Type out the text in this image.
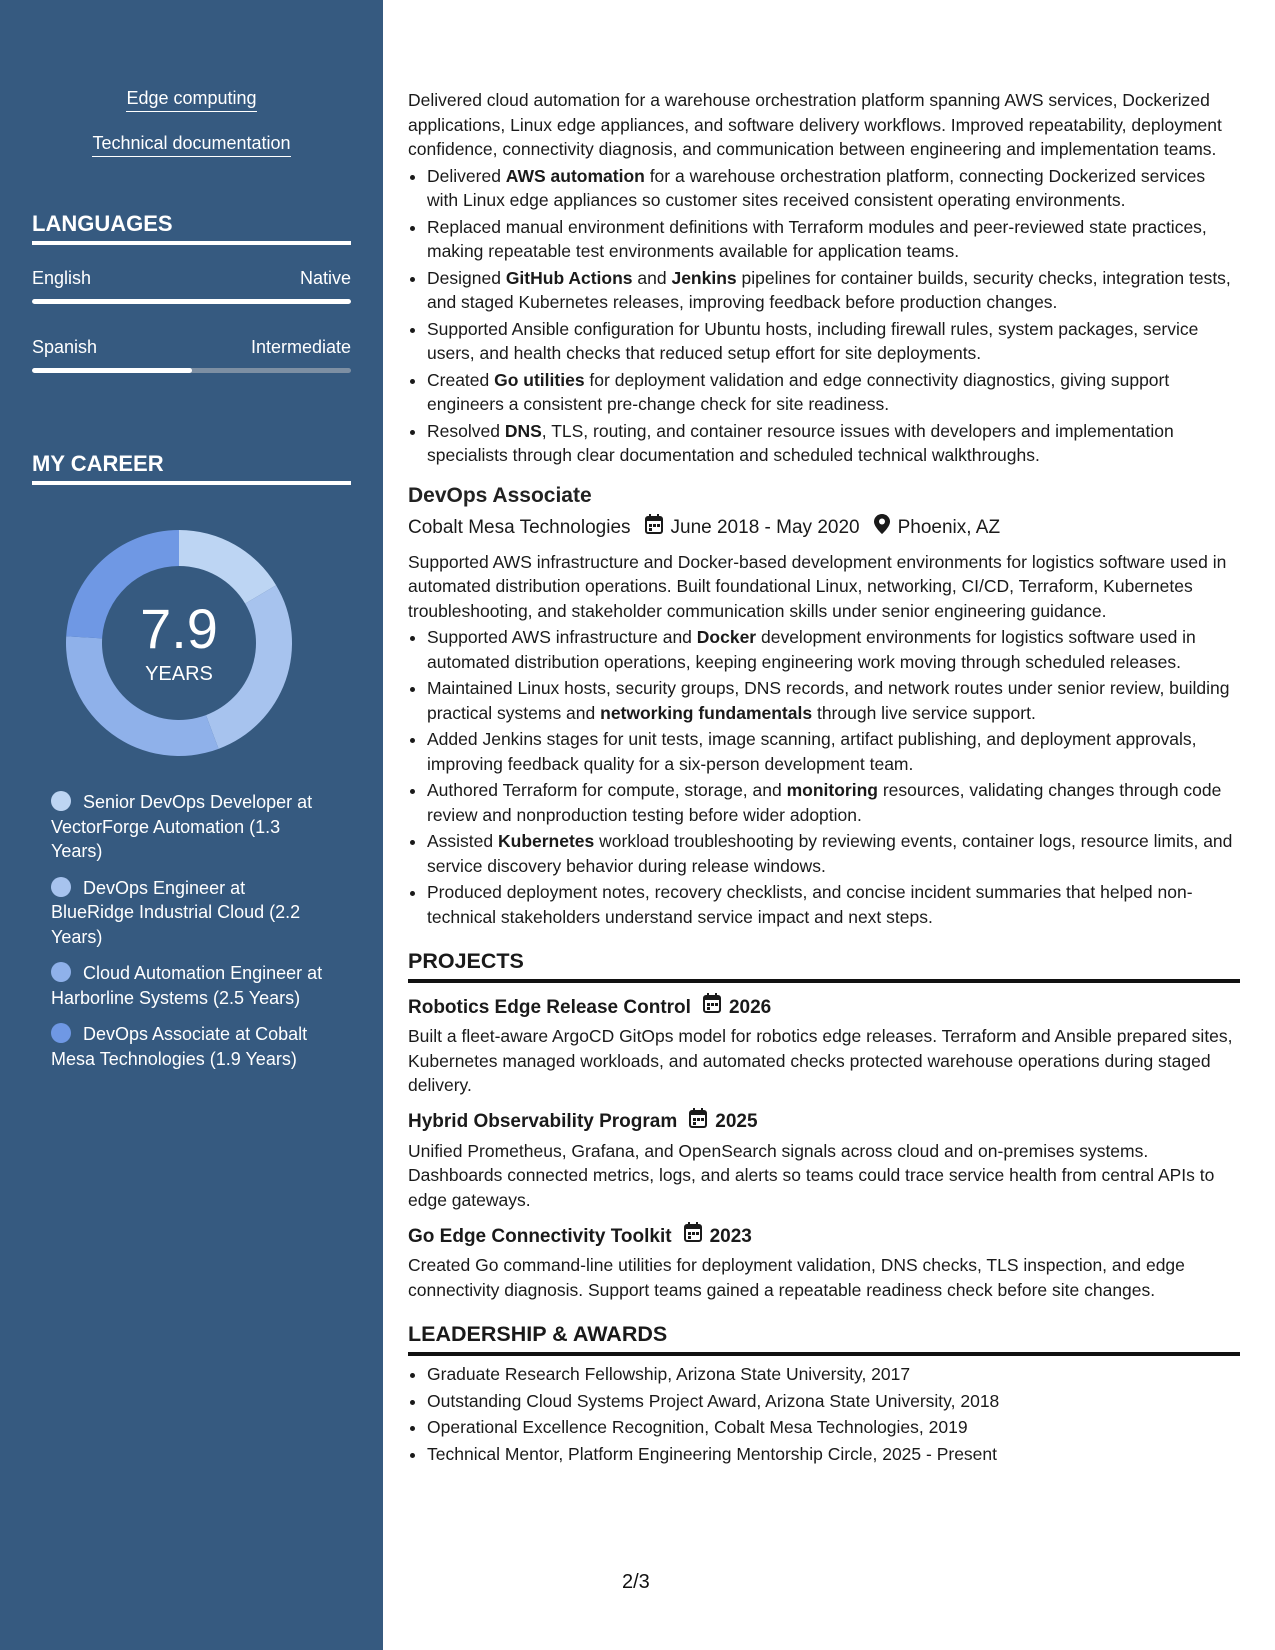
Edge computing
Technical documentation
LANGUAGES
English	Native
Spanish	Intermediate
MY CAREER
7.9
YEARS
Senior DevOps Developer at VectorForge Automation (1.3 Years)
DevOps Engineer at BlueRidge Industrial Cloud (2.2 Years)
Cloud Automation Engineer at Harborline Systems (2.5 Years)
DevOps Associate at Cobalt Mesa Technologies (1.9 Years)

Delivered cloud automation for a warehouse orchestration platform spanning AWS services, Dockerized applications, Linux edge appliances, and software delivery workflows. Improved repeatability, deployment confidence, connectivity diagnosis, and communication between engineering and implementation teams.

• Delivered AWS automation for a warehouse orchestration platform, connecting Dockerized services with Linux edge appliances so customer sites received consistent operating environments.
• Replaced manual environment definitions with Terraform modules and peer-reviewed state practices, making repeatable test environments available for application teams.
• Designed GitHub Actions and Jenkins pipelines for container builds, security checks, integration tests, and staged Kubernetes releases, improving feedback before production changes.
• Supported Ansible configuration for Ubuntu hosts, including firewall rules, system packages, service users, and health checks that reduced setup effort for site deployments.
• Created Go utilities for deployment validation and edge connectivity diagnostics, giving support engineers a consistent pre-change check for site readiness.
• Resolved DNS, TLS, routing, and container resource issues with developers and implementation specialists through clear documentation and scheduled technical walkthroughs.
DevOps Associate
Cobalt Mesa Technologies June 2018 - May 2020 Phoenix, AZ

Supported AWS infrastructure and Docker-based development environments for logistics software used in automated distribution operations. Built foundational Linux, networking, CI/CD, Terraform, Kubernetes troubleshooting, and stakeholder communication skills under senior engineering guidance.

• Supported AWS infrastructure and Docker development environments for logistics software used in automated distribution operations, keeping engineering work moving through scheduled releases.
• Maintained Linux hosts, security groups, DNS records, and network routes under senior review, building practical systems and networking fundamentals through live service support.
• Added Jenkins stages for unit tests, image scanning, artifact publishing, and deployment approvals, improving feedback quality for a six-person development team.
• Authored Terraform for compute, storage, and monitoring resources, validating changes through code review and nonproduction testing before wider adoption.
• Assisted Kubernetes workload troubleshooting by reviewing events, container logs, resource limits, and service discovery behavior during release windows.
• Produced deployment notes, recovery checklists, and concise incident summaries that helped non-technical stakeholders understand service impact and next steps.
PROJECTS
Robotics Edge Release Control 2026

Built a fleet-aware ArgoCD GitOps model for robotics edge releases. Terraform and Ansible prepared sites, Kubernetes managed workloads, and automated checks protected warehouse operations during staged delivery.

Hybrid Observability Program 2025

Unified Prometheus, Grafana, and OpenSearch signals across cloud and on-premises systems. Dashboards connected metrics, logs, and alerts so teams could trace service health from central APIs to edge gateways.

Go Edge Connectivity Toolkit 2023

Created Go command-line utilities for deployment validation, DNS checks, TLS inspection, and edge connectivity diagnosis. Support teams gained a repeatable readiness check before site changes.

LEADERSHIP & AWARDS
• Graduate Research Fellowship, Arizona State University, 2017
• Outstanding Cloud Systems Project Award, Arizona State University, 2018
• Operational Excellence Recognition, Cobalt Mesa Technologies, 2019
• Technical Mentor, Platform Engineering Mentorship Circle, 2025 - Present
2/3
